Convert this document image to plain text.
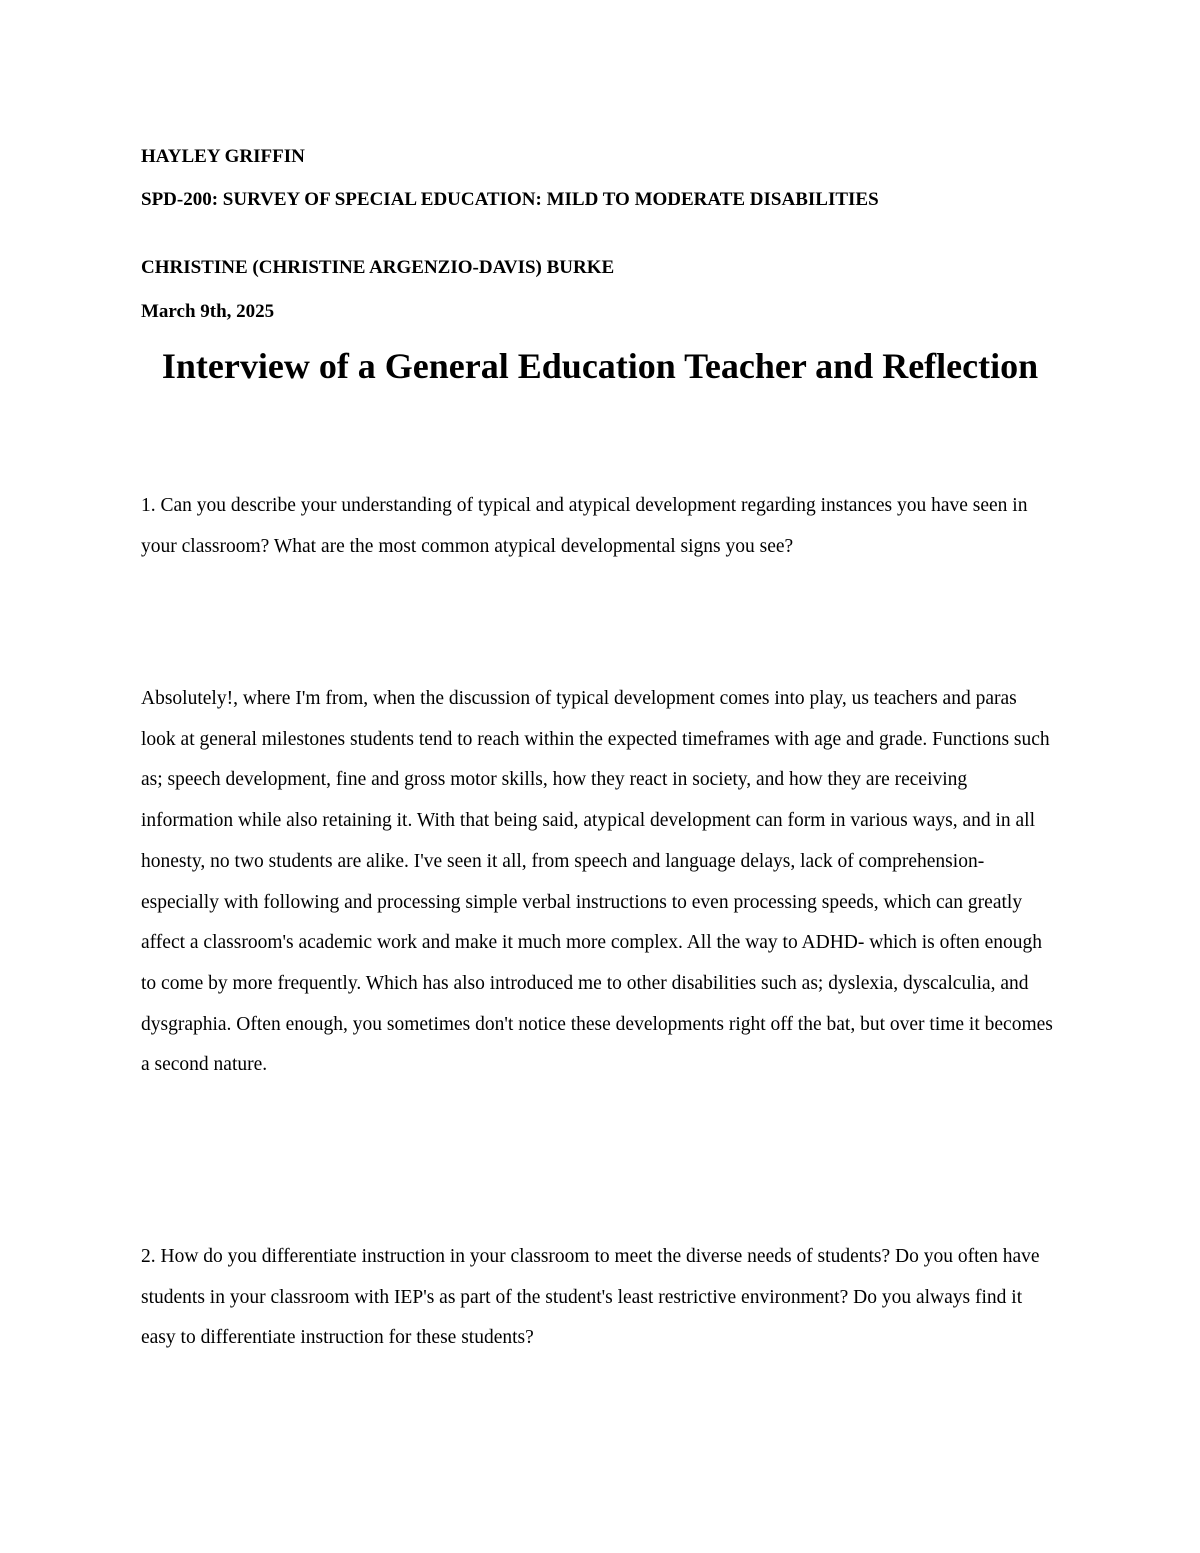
HAYLEY GRIFFIN

SPD-200: SURVEY OF SPECIAL EDUCATION: MILD TO MODERATE DISABILITIES

CHRISTINE (CHRISTINE ARGENZIO-DAVIS) BURKE

March 9th, 2025

Interview of a General Education Teacher and Reflection

1. Can you describe your understanding of typical and atypical development regarding instances you have seen in your classroom? What are the most common atypical developmental signs you see?

Absolutely!, where I'm from, when the discussion of typical development comes into play, us teachers and paras look at general milestones students tend to reach within the expected timeframes with age and grade. Functions such as; speech development, fine and gross motor skills, how they react in society, and how they are receiving information while also retaining it. With that being said, atypical development can form in various ways, and in all honesty, no two students are alike. I've seen it all, from speech and language delays, lack of comprehension- especially with following and processing simple verbal instructions to even processing speeds, which can greatly affect a classroom's academic work and make it much more complex. All the way to ADHD- which is often enough to come by more frequently. Which has also introduced me to other disabilities such as; dyslexia, dyscalculia, and dysgraphia. Often enough, you sometimes don't notice these developments right off the bat, but over time it becomes a second nature.

2. How do you differentiate instruction in your classroom to meet the diverse needs of students? Do you often have students in your classroom with IEP's as part of the student's least restrictive environment? Do you always find it easy to differentiate instruction for these students?
